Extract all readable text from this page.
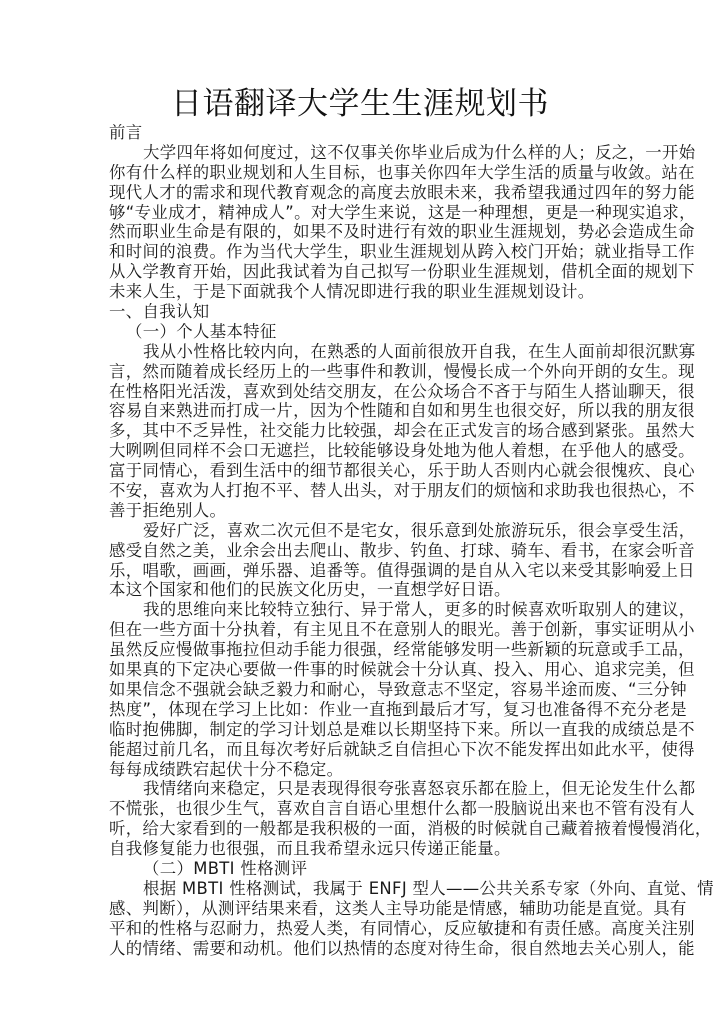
日语翻译大学生生涯规划书
前言
大学四年将如何度过，这不仅事关你毕业后成为什么样的人；反之，一开始
你有什么样的职业规划和人生目标，也事关你四年大学生活的质量与收敛。站在
现代人才的需求和现代教育观念的高度去放眼未来，我希望我通过四年的努力能
够“专业成才，精神成人”。对大学生来说，这是一种理想，更是一种现实追求，
然而职业生命是有限的，如果不及时进行有效的职业生涯规划，势必会造成生命
和时间的浪费。作为当代大学生，职业生涯规划从跨入校门开始；就业指导工作
从入学教育开始，因此我试着为自己拟写一份职业生涯规划，借机全面的规划下
未来人生，于是下面就我个人情况即进行我的职业生涯规划设计。
一、自我认知
（一）个人基本特征
我从小性格比较内向，在熟悉的人面前很放开自我，在生人面前却很沉默寡
言，然而随着成长经历上的一些事件和教训，慢慢长成一个外向开朗的女生。现
在性格阳光活泼，喜欢到处结交朋友，在公众场合不吝于与陌生人搭讪聊天，很
容易自来熟进而打成一片，因为个性随和自如和男生也很交好，所以我的朋友很
多，其中不乏异性，社交能力比较强，却会在正式发言的场合感到紧张。虽然大
大咧咧但同样不会口无遮拦，比较能够设身处地为他人着想，在乎他人的感受。
富于同情心，看到生活中的细节都很关心，乐于助人否则内心就会很愧疚、良心
不安，喜欢为人打抱不平、替人出头，对于朋友们的烦恼和求助我也很热心，不
善于拒绝别人。
爱好广泛，喜欢二次元但不是宅女，很乐意到处旅游玩乐，很会享受生活，
感受自然之美，业余会出去爬山、散步、钓鱼、打球、骑车、看书，在家会听音
乐，唱歌，画画，弹乐器、追番等。值得强调的是自从入宅以来受其影响爱上日
本这个国家和他们的民族文化历史，一直想学好日语。
我的思维向来比较特立独行、异于常人，更多的时候喜欢听取别人的建议，
但在一些方面十分执着，有主见且不在意别人的眼光。善于创新，事实证明从小
虽然反应慢做事拖拉但动手能力很强，经常能够发明一些新颖的玩意或手工品，
如果真的下定决心要做一件事的时候就会十分认真、投入、用心、追求完美，但
如果信念不强就会缺乏毅力和耐心，导致意志不坚定，容易半途而废、“三分钟
热度”，体现在学习上比如：作业一直拖到最后才写，复习也准备得不充分老是
临时抱佛脚，制定的学习计划总是难以长期坚持下来。所以一直我的成绩总是不
能超过前几名，而且每次考好后就缺乏自信担心下次不能发挥出如此水平，使得
每每成绩跌宕起伏十分不稳定。
我情绪向来稳定，只是表现得很夸张喜怒哀乐都在脸上，但无论发生什么都
不慌张，也很少生气，喜欢自言自语心里想什么都一股脑说出来也不管有没有人
听，给大家看到的一般都是我积极的一面，消极的时候就自己藏着掖着慢慢消化，
自我修复能力也很强，而且我希望永远只传递正能量。
（二）MBTI 性格测评
根据 MBTI 性格测试，我属于 ENFJ 型人——公共关系专家（外向、直觉、情
感、判断），从测评结果来看，这类人主导功能是情感，辅助功能是直觉。具有
平和的性格与忍耐力，热爱人类，有同情心，反应敏捷和有责任感。高度关注别
人的情绪、需要和动机。他们以热情的态度对待生命，很自然地去关心别人，能
